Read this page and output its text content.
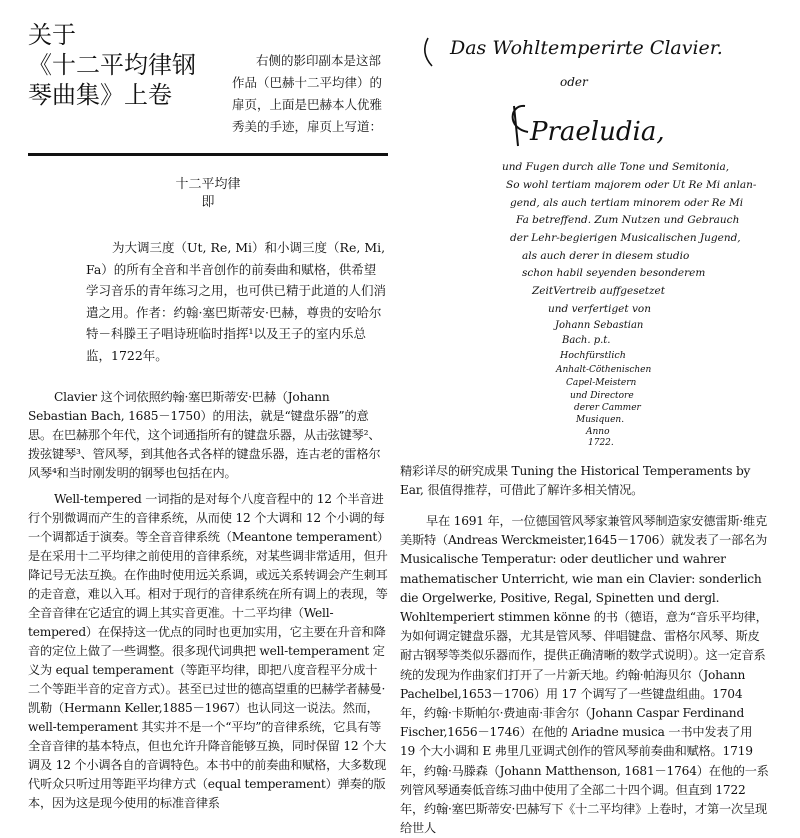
关于
《十二平均律钢
琴曲集》上卷

右侧的影印副本是这部作品（巴赫十二平均律）的扉页，上面是巴赫本人优雅秀美的手迹，扉页上写道：

十二平均律
即

为大调三度（Ut, Re, Mi）和小调三度（Re, Mi, Fa）的所有全音和半音创作的前奏曲和赋格，供希望学习音乐的青年练习之用，也可供已精于此道的人们消遣之用。作者：约翰·塞巴斯蒂安·巴赫，尊贵的安哈尔特－科滕王子唱诗班临时指挥¹以及王子的室内乐总监，1722年。

Clavier 这个词依照约翰·塞巴斯蒂安·巴赫（Johann Sebastian Bach, 1685－1750）的用法，就是“键盘乐器”的意思。在巴赫那个年代，这个词通指所有的键盘乐器，从击弦键琴²、拨弦键琴³、管风琴，到其他各式各样的键盘乐器，连古老的雷格尔风琴⁴和当时刚发明的钢琴也包括在内。

Well-tempered 一词指的是对每个八度音程中的 12 个半音进行个别微调而产生的音律系统，从而使 12 个大调和 12 个小调的每一个调都适于演奏。等全音音律系统（Meantone temperament）是在采用十二平均律之前使用的音律系统，对某些调非常适用，但升降记号无法互换。在作曲时使用远关系调，或远关系转调会产生刺耳的走音意，难以入耳。相对于现行的音律系统在所有调上的表现，等全音音律在它适宜的调上其实音更准。十二平均律（Well-tempered）在保持这一优点的同时也更加实用，它主要在升音和降音的定位上做了一些调整。很多现代词典把 well-temperament 定义为 equal temperament（等距平均律，即把八度音程平分成十二个等距半音的定音方式）。甚至已过世的德高望重的巴赫学者赫曼·凯勒（Hermann Keller,1885－1967）也认同这一说法。然而，well-temperament 其实并不是一个“平均”的音律系统，它具有等全音音律的基本特点，但也允许升降音能够互换，同时保留 12 个大调及 12 个小调各自的音调特色。本书中的前奏曲和赋格，大多数现代听众只听过用等距平均律方式（equal temperament）弹奏的版本，因为这是现今使用的标准音律系

Das Wohltemperirte Clavier.
oder
Praeludia,
und Fugen durch alle Tone und Semitonia,
So wohl tertiam majorem oder Ut Re Mi anlan-
gend, als auch tertiam minorem oder Re Mi
Fa betreffend. Zum Nutzen und Gebrauch
der Lehr-begierigen Musicalischen Jugend,
als auch derer in diesem studio
schon habil seyenden besonderem
ZeitVertreib auffgesetzet
und verfertiget von
Johann Sebastian
Bach. p.t.
Hochfürstlich
Anhalt-Cöthenischen
Capel-Meistern
und Directore
derer Cammer
Musiquen.
Anno
1722.

精彩详尽的研究成果 Tuning the Historical Temperaments by Ear, 很值得推荐，可借此了解许多相关情况。

早在 1691 年，一位德国管风琴家兼管风琴制造家安德雷斯·维克美斯特（Andreas Werckmeister,1645－1706）就发表了一部名为 Musicalische Temperatur: oder deutlicher und wahrer mathematischer Unterricht, wie man ein Clavier: sonderlich die Orgelwerke, Positive, Regal, Spinetten und dergl. Wohltemperiert stimmen könne 的书（德语，意为“音乐平均律，为如何调定键盘乐器，尤其是管风琴、伴唱键盘、雷格尔风琴、斯皮耐古钢琴等类似乐器而作，提供正确清晰的数学式说明）。这一定音系统的发现为作曲家们打开了一片新天地。约翰·帕海贝尔（Johann Pachelbel,1653－1706）用 17 个调写了一些键盘组曲。1704 年，约翰·卡斯帕尔·费迪南·菲舍尔（Johann Caspar Ferdinand Fischer,1656－1746）在他的 Ariadne musica 一书中发表了用 19 个大小调和 E 弗里几亚调式创作的管风琴前奏曲和赋格。1719 年，约翰·马滕森（Johann Matthenson, 1681－1764）在他的一系列管风琴通奏低音练习曲中使用了全部二十四个调。但直到 1722 年，约翰·塞巴斯蒂安·巴赫写下《十二平均律》上卷时，才第一次呈现给世人
